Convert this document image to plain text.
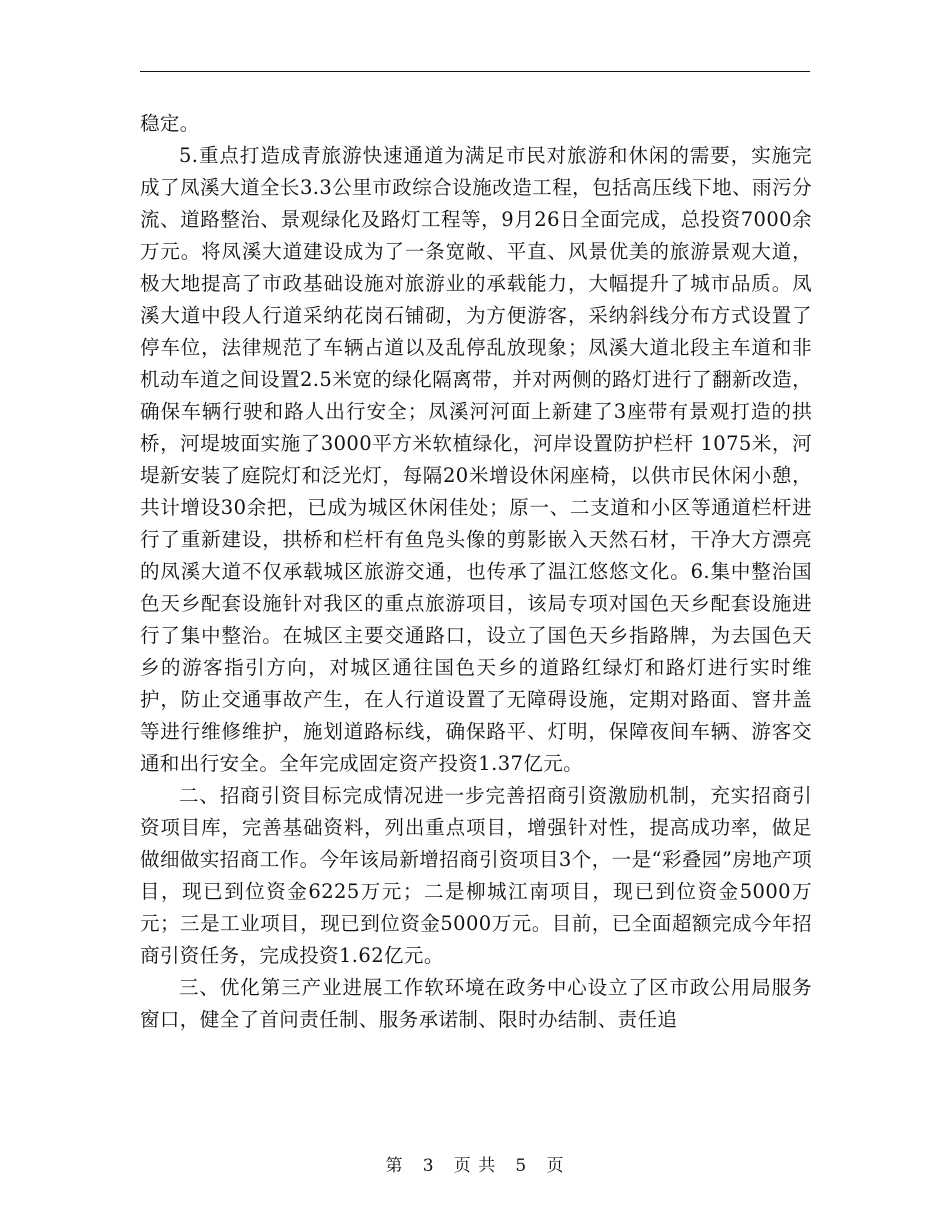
稳定。

5.重点打造成青旅游快速通道为满足市民对旅游和休闲的需要，实施完成了凤溪大道全长3.3公里市政综合设施改造工程，包括高压线下地、雨污分流、道路整治、景观绿化及路灯工程等，9月26日全面完成，总投资7000余万元。将凤溪大道建设成为了一条宽敞、平直、风景优美的旅游景观大道，极大地提高了市政基础设施对旅游业的承载能力，大幅提升了城市品质。凤溪大道中段人行道采纳花岗石铺砌，为方便游客，采纳斜线分布方式设置了停车位，法律规范了车辆占道以及乱停乱放现象；凤溪大道北段主车道和非机动车道之间设置2.5米宽的绿化隔离带，并对两侧的路灯进行了翻新改造，确保车辆行驶和路人出行安全；凤溪河河面上新建了3座带有景观打造的拱桥，河堤坡面实施了3000平方米软植绿化，河岸设置防护栏杆 1075米，河堤新安装了庭院灯和泛光灯，每隔20米增设休闲座椅，以供市民休闲小憩，共计增设30余把，已成为城区休闲佳处；原一、二支道和小区等通道栏杆进行了重新建设，拱桥和栏杆有鱼凫头像的剪影嵌入天然石材，干净大方漂亮的凤溪大道不仅承载城区旅游交通，也传承了温江悠悠文化。6.集中整治国色天乡配套设施针对我区的重点旅游项目，该局专项对国色天乡配套设施进行了集中整治。在城区主要交通路口，设立了国色天乡指路牌，为去国色天乡的游客指引方向，对城区通往国色天乡的道路红绿灯和路灯进行实时维护，防止交通事故产生，在人行道设置了无障碍设施，定期对路面、窨井盖等进行维修维护，施划道路标线，确保路平、灯明，保障夜间车辆、游客交通和出行安全。全年完成固定资产投资1.37亿元。

二、招商引资目标完成情况进一步完善招商引资激励机制，充实招商引资项目库，完善基础资料，列出重点项目，增强针对性，提高成功率，做足做细做实招商工作。今年该局新增招商引资项目3个，一是“彩叠园”房地产项目，现已到位资金6225万元；二是柳城江南项目，现已到位资金5000万元；三是工业项目，现已到位资金5000万元。目前，已全面超额完成今年招商引资任务，完成投资1.62亿元。

三、优化第三产业进展工作软环境在政务中心设立了区市政公用局服务窗口，健全了首问责任制、服务承诺制、限时办结制、责任追

第 3 页 共 5 页
